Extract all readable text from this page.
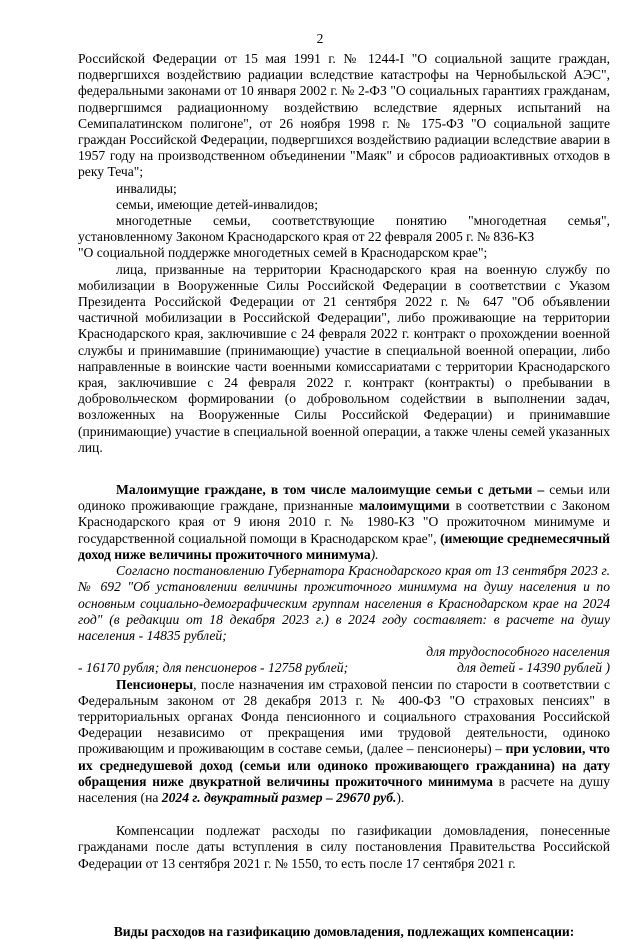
2

Российской Федерации от 15 мая 1991 г. № 1244-I "О социальной защите граждан, подвергшихся воздействию радиации вследствие катастрофы на Чернобыльской АЭС", федеральными законами от 10 января 2002 г. № 2-ФЗ "О социальных гарантиях гражданам, подвергшимся радиационному воздействию вследствие ядерных испытаний на Семипалатинском полигоне", от 26 ноября 1998 г. № 175-ФЗ "О социальной защите граждан Российской Федерации, подвергшихся воздействию радиации вследствие аварии в 1957 году на производственном объединении "Маяк" и сбросов радиоактивных отходов в реку Теча";

инвалиды;

семьи, имеющие детей-инвалидов;

многодетные семьи, соответствующие понятию "многодетная семья", установленному Законом Краснодарского края от 22 февраля 2005 г. № 836-КЗ

"О социальной поддержке многодетных семей в Краснодарском крае";

лица, призванные на территории Краснодарского края на военную службу по мобилизации в Вооруженные Силы Российской Федерации в соответствии с Указом Президента Российской Федерации от 21 сентября 2022 г. № 647 "Об объявлении частичной мобилизации в Российской Федерации", либо проживающие на территории Краснодарского края, заключившие с 24 февраля 2022 г. контракт о прохождении военной службы и принимавшие (принимающие) участие в специальной военной операции, либо направленные в воинские части военными комиссариатами с территории Краснодарского края, заключившие с 24 февраля 2022 г. контракт (контракты) о пребывании в добровольческом формировании (о добровольном содействии в выполнении задач, возложенных на Вооруженные Силы Российской Федерации) и принимавшие (принимающие) участие в специальной военной операции, а также члены семей указанных лиц.

Малоимущие граждане, в том числе малоимущие семьи с детьми – семьи или одиноко проживающие граждане, признанные малоимущими в соответствии с Законом Краснодарского края от 9 июня 2010 г. № 1980-КЗ "О прожиточном минимуме и государственной социальной помощи в Краснодарском крае", (имеющие среднемесячный доход ниже величины прожиточного минимума).

Согласно постановлению Губернатора Краснодарского края от 13 сентября 2023 г. № 692 "Об установлении величины прожиточного минимума на душу населения и по основным социально-демографическим группам населения в Краснодарском крае на 2024 год" (в редакции от 18 декабря 2023 г.) в 2024 году составляет: в расчете на душу населения - 14835 рублей;

для трудоспособного населения
- 16170 рубля; для пенсионеров - 12758 рублей;	для детей - 14390 рублей )

Пенсионеры, после назначения им страховой пенсии по старости в соответствии с Федеральным законом от 28 декабря 2013 г. № 400-ФЗ "О страховых пенсиях" в территориальных органах Фонда пенсионного и социального страхования Российской Федерации независимо от прекращения ими трудовой деятельности, одиноко проживающим и проживающим в составе семьи, (далее – пенсионеры) – при условии, что их среднедушевой доход (семьи или одиноко проживающего гражданина) на дату обращения ниже двукратной величины прожиточного минимума в расчете на душу населения (на 2024 г. двукратный размер – 29670 руб.).

Компенсации подлежат расходы по газификации домовладения, понесенные гражданами после даты вступления в силу постановления Правительства Российской Федерации от 13 сентября 2021 г. № 1550, то есть после 17 сентября 2021 г.

Виды расходов на газификацию домовладения, подлежащих компенсации:
